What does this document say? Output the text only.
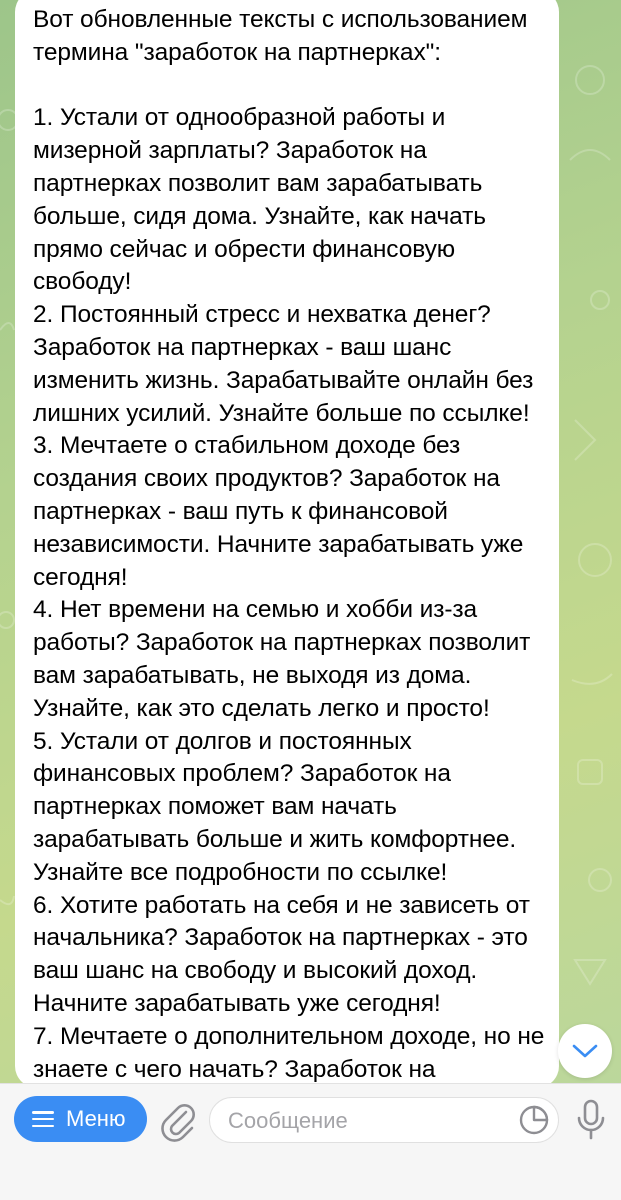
Вот обновленные тексты с использованием термина "заработок на партнерках":

1. Устали от однообразной работы и мизерной зарплаты? Заработок на партнерках позволит вам зарабатывать больше, сидя дома. Узнайте, как начать прямо сейчас и обрести финансовую свободу!
2. Постоянный стресс и нехватка денег? Заработок на партнерках - ваш шанс изменить жизнь. Зарабатывайте онлайн без лишних усилий. Узнайте больше по ссылке!
3. Мечтаете о стабильном доходе без создания своих продуктов? Заработок на партнерках - ваш путь к финансовой независимости. Начните зарабатывать уже сегодня!
4. Нет времени на семью и хобби из-за работы? Заработок на партнерках позволит вам зарабатывать, не выходя из дома. Узнайте, как это сделать легко и просто!
5. Устали от долгов и постоянных финансовых проблем? Заработок на партнерках поможет вам начать зарабатывать больше и жить комфортнее. Узнайте все подробности по ссылке!
6. Хотите работать на себя и не зависеть от начальника? Заработок на партнерках - это ваш шанс на свободу и высокий доход. Начните зарабатывать уже сегодня!
7. Мечтаете о дополнительном доходе, но не знаете с чего начать? Заработок на

Меню	Сообщение
